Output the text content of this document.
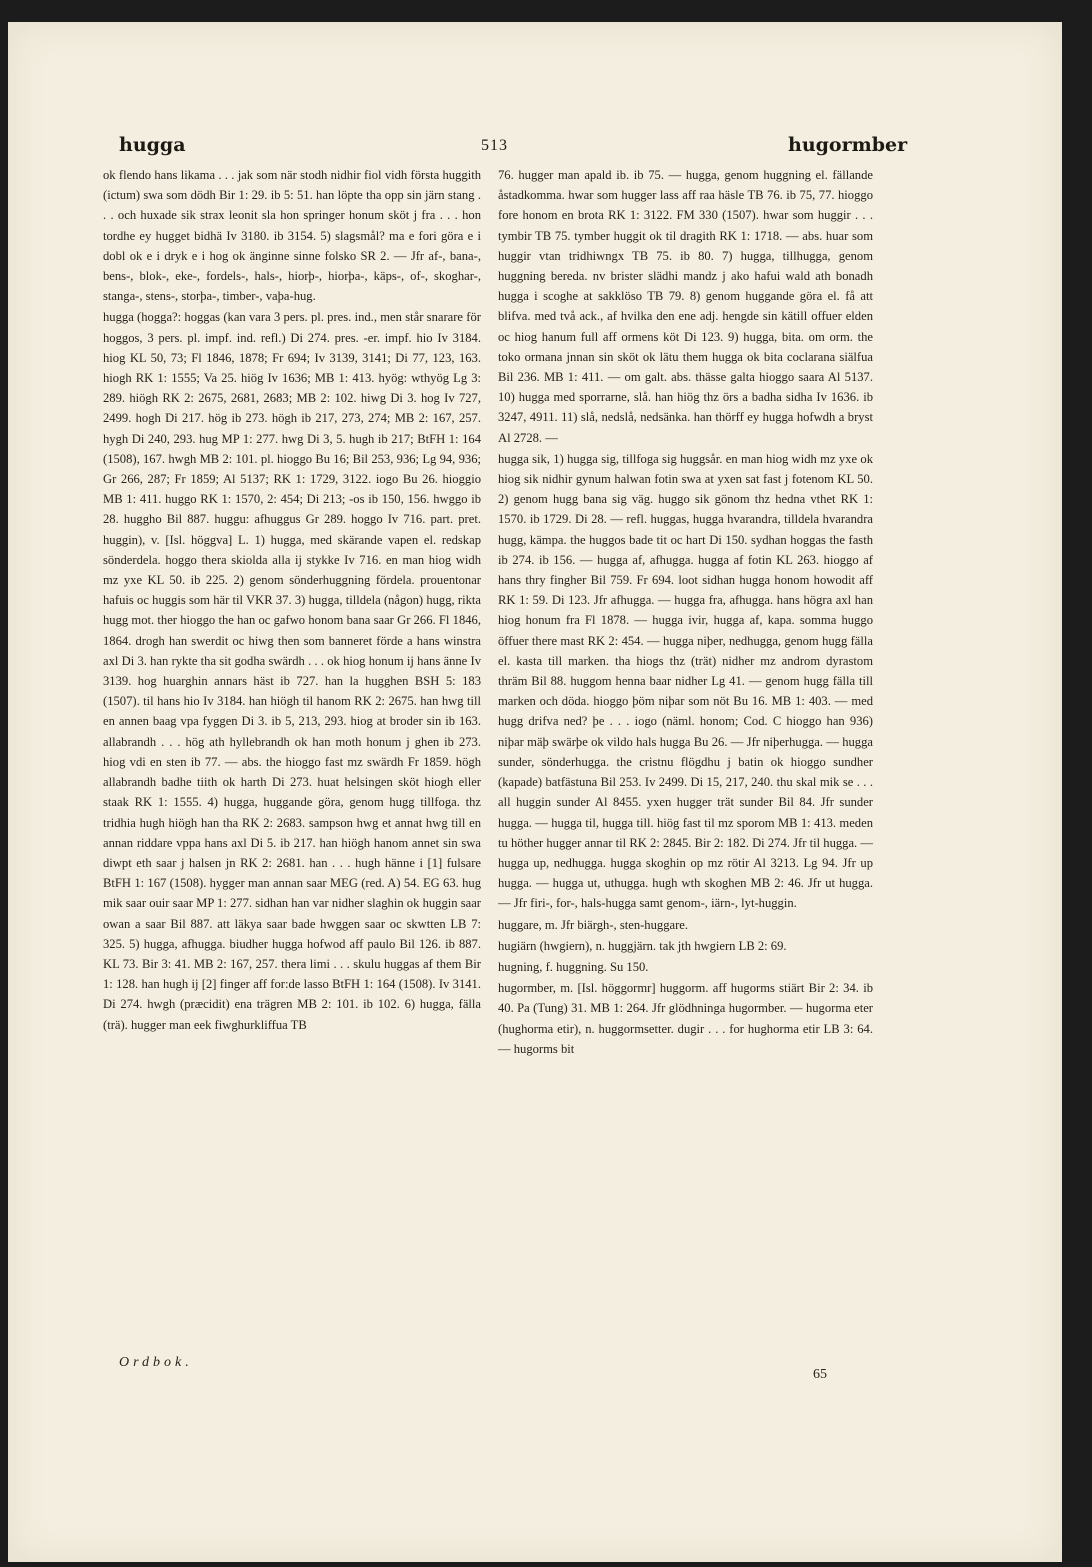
hugga	513	hugormber

ok flendo hans likama . . . jak som när stodh nidhir fiol vidh första huggith (ictum) swa som dödh Bir 1: 29. ib 5: 51. han löpte tha opp sin järn stang . . . och huxade sik strax leonit sla hon springer honum sköt j fra . . . hon tordhe ey hugget bidhä Iv 3180. ib 3154. 5) slagsmål? ma e fori göra e i dobl ok e i dryk e i hog ok änginne sinne folsko SR 2. — Jfr af-, bana-, bens-, blok-, eke-, fordels-, hals-, hiorþ-, hiorþa-, käps-, of-, skoghar-, stanga-, stens-, storþa-, timber-, vaþa-hug.

hugga (hogga?: hoggas (kan vara 3 pers. pl. pres. ind., men står snarare för hoggos, 3 pers. pl. impf. ind. refl.) Di 274. pres. -er. impf. hio Iv 3184. hiog KL 50, 73; Fl 1846, 1878; Fr 694; Iv 3139, 3141; Di 77, 123, 163. hiogh RK 1: 1555; Va 25. hiög Iv 1636; MB 1: 413. hyög: wthyög Lg 3: 289. hiögh RK 2: 2675, 2681, 2683; MB 2: 102. hiwg Di 3. hog Iv 727, 2499. hogh Di 217. hög ib 273. högh ib 217, 273, 274; MB 2: 167, 257. hygh Di 240, 293. hug MP 1: 277. hwg Di 3, 5. hugh ib 217; BtFH 1: 164 (1508), 167. hwgh MB 2: 101. pl. hioggo Bu 16; Bil 253, 936; Lg 94, 936; Gr 266, 287; Fr 1859; Al 5137; RK 1: 1729, 3122. iogo Bu 26. hioggio MB 1: 411. huggo RK 1: 1570, 2: 454; Di 213; -os ib 150, 156. hwggo ib 28. huggho Bil 887. huggu: afhuggus Gr 289. hoggo Iv 716. part. pret. huggin), v. [Isl. höggva] L. 1) hugga, med skärande vapen el. redskap sönderdela. hoggo thera skiolda alla ij stykke Iv 716. en man hiog widh mz yxe KL 50. ib 225. 2) genom sönderhuggning fördela. prouentonar hafuis oc huggis som här til VKR 37. 3) hugga, tilldela (någon) hugg, rikta hugg mot. ther hioggo the han oc gafwo honom bana saar Gr 266. Fl 1846, 1864. drogh han swerdit oc hiwg then som banneret förde a hans winstra axl Di 3. han rykte tha sit godha swärdh . . . ok hiog honum ij hans änne Iv 3139. hog huarghin annars häst ib 727. han la hugghen BSH 5: 183 (1507). til hans hio Iv 3184. han hiögh til hanom RK 2: 2675. han hwg till en annen baag vpa fyggen Di 3. ib 5, 213, 293. hiog at broder sin ib 163. allabrandh . . . hög ath hyllebrandh ok han moth honum j ghen ib 273. hiog vdi en sten ib 77. — abs. the hioggo fast mz swärdh Fr 1859. högh allabrandh badhe tiith ok harth Di 273. huat helsingen sköt hiogh eller staak RK 1: 1555. 4) hugga, huggande göra, genom hugg tillfoga. thz tridhia hugh hiögh han tha RK 2: 2683. sampson hwg et annat hwg till en annan riddare vppa hans axl Di 5. ib 217. han hiögh hanom annet sin swa diwpt eth saar j halsen jn RK 2: 2681. han . . . hugh hänne i [1] fulsare BtFH 1: 167 (1508). hygger man annan saar MEG (red. A) 54. EG 63. hug mik saar ouir saar MP 1: 277. sidhan han var nidher slaghin ok huggin saar owan a saar Bil 887. att läkya saar bade hwggen saar oc skwtten LB 7: 325. 5) hugga, afhugga. biudher hugga hofwod aff paulo Bil 126. ib 887. KL 73. Bir 3: 41. MB 2: 167, 257. thera limi . . . skulu huggas af them Bir 1: 128. han hugh ij [2] finger aff for:de lasso BtFH 1: 164 (1508). Iv 3141. Di 274. hwgh (præcidit) ena trägren MB 2: 101. ib 102. 6) hugga, fälla (trä). hugger man eek fiwghurkliffua TB

76. hugger man apald ib. ib 75. — hugga, genom huggning el. fällande åstadkomma. hwar som hugger lass aff raa häsle TB 76. ib 75, 77. hioggo fore honom en brota RK 1: 3122. FM 330 (1507). hwar som huggir . . . tymbir TB 75. tymber huggit ok til dragith RK 1: 1718. — abs. huar som huggir vtan tridhiwngx TB 75. ib 80. 7) hugga, tillhugga, genom huggning bereda. nv brister slädhi mandz j ako hafui wald ath bonadh hugga i scoghe at sakklöso TB 79. 8) genom huggande göra el. få att blifva. med två ack., af hvilka den ene adj. hengde sin kätill offuer elden oc hiog hanum full aff ormens köt Di 123. 9) hugga, bita. om orm. the toko ormana jnnan sin sköt ok lätu them hugga ok bita coclarana siälfua Bil 236. MB 1: 411. — om galt. abs. thässe galta hioggo saara Al 5137. 10) hugga med sporrarne, slå. han hiög thz örs a badha sidha Iv 1636. ib 3247, 4911. 11) slå, nedslå, nedsänka. han thörff ey hugga hofwdh a bryst Al 2728. —

hugga sik, 1) hugga sig, tillfoga sig huggsår. en man hiog widh mz yxe ok hiog sik nidhir gynum halwan fotin swa at yxen sat fast j fotenom KL 50. 2) genom hugg bana sig väg. huggo sik gönom thz hedna vthet RK 1: 1570. ib 1729. Di 28. — refl. huggas, hugga hvarandra, tilldela hvarandra hugg, kämpa. the huggos bade tit oc hart Di 150. sydhan hoggas the fasth ib 274. ib 156. — hugga af, afhugga. hugga af fotin KL 263. hioggo af hans thry fingher Bil 759. Fr 694. loot sidhan hugga honom howodit aff RK 1: 59. Di 123. Jfr afhugga. — hugga fra, afhugga. hans högra axl han hiog honum fra Fl 1878. — hugga ivir, hugga af, kapa. somma huggo öffuer there mast RK 2: 454. — hugga niþer, nedhugga, genom hugg fälla el. kasta till marken. tha hiogs thz (trät) nidher mz androm dyrastom thräm Bil 88. huggom henna baar nidher Lg 41. — genom hugg fälla till marken och döda. hioggo þöm niþar som nöt Bu 16. MB 1: 403. — med hugg drifva ned? þe . . . iogo (näml. honom; Cod. C hioggo han 936) niþar mäþ swärþe ok vildo hals hugga Bu 26. — Jfr niþerhugga. — hugga sunder, sönderhugga. the cristnu flögdhu j batin ok hioggo sundher (kapade) batfästuna Bil 253. Iv 2499. Di 15, 217, 240. thu skal mik se . . . all huggin sunder Al 8455. yxen hugger trät sunder Bil 84. Jfr sunder hugga. — hugga til, hugga till. hiög fast til mz sporom MB 1: 413. meden tu höther hugger annar til RK 2: 2845. Bir 2: 182. Di 274. Jfr til hugga. — hugga up, nedhugga. hugga skoghin op mz rötir Al 3213. Lg 94. Jfr up hugga. — hugga ut, uthugga. hugh wth skoghen MB 2: 46. Jfr ut hugga. — Jfr firi-, for-, hals-hugga samt genom-, iärn-, lyt-huggin.

huggare, m. Jfr biärgh-, sten-huggare.

hugiärn (hwgiern), n. huggjärn. tak jth hwgiern LB 2: 69.

hugning, f. huggning. Su 150.

hugormber, m. [Isl. höggormr] huggorm. aff hugorms stiärt Bir 2: 34. ib 40. Pa (Tung) 31. MB 1: 264. Jfr glödhninga hugormber. — hugorma eter (hughorma etir), n. huggormsetter. dugir . . . for hughorma etir LB 3: 64. — hugorms bit

Ordbok.
65
